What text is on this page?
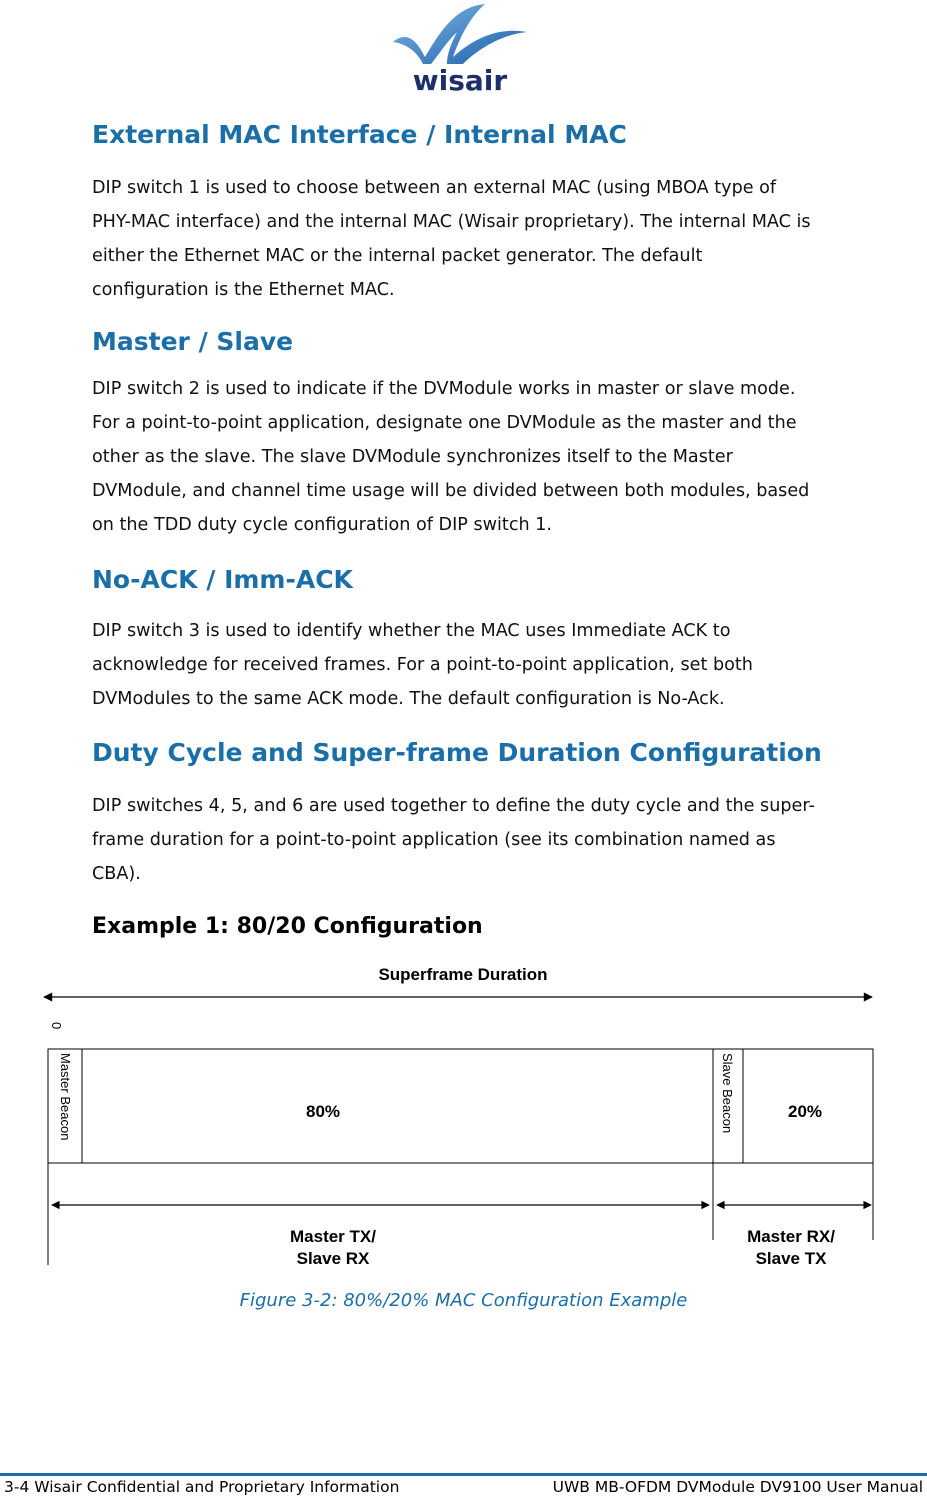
wisair
External MAC Interface / Internal MAC

DIP switch 1 is used to choose between an external MAC (using MBOA type of
PHY-MAC interface) and the internal MAC (Wisair proprietary). The internal MAC is
either the Ethernet MAC or the internal packet generator. The default
configuration is the Ethernet MAC.

Master / Slave

DIP switch 2 is used to indicate if the DVModule works in master or slave mode.
For a point-to-point application, designate one DVModule as the master and the
other as the slave. The slave DVModule synchronizes itself to the Master
DVModule, and channel time usage will be divided between both modules, based
on the TDD duty cycle configuration of DIP switch 1.

No-ACK / Imm-ACK

DIP switch 3 is used to identify whether the MAC uses Immediate ACK to
acknowledge for received frames. For a point-to-point application, set both
DVModules to the same ACK mode. The default configuration is No-Ack.

Duty Cycle and Super-frame Duration Configuration

DIP switches 4, 5, and 6 are used together to define the duty cycle and the super-
frame duration for a point-to-point application (see its combination named as
CBA).

Example 1: 80/20 Configuration
Superframe Duration
0
Master Beacon	Slave Beacon
80%	20%
Master TX/
Slave RX
Master RX/
Slave TX
Figure 3-2: 80%/20% MAC Configuration Example
3-4 Wisair Confidential and Proprietary Information	UWB MB-OFDM DVModule DV9100 User Manual
